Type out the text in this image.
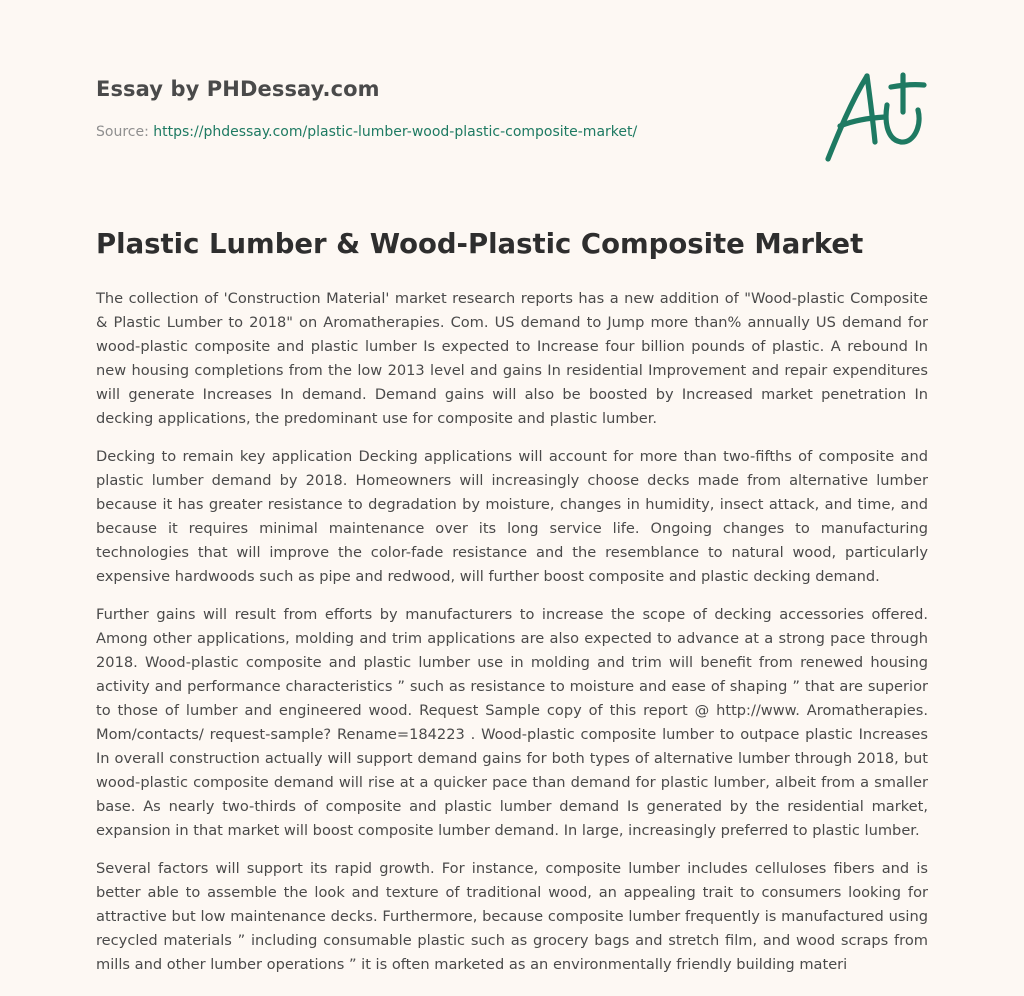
Essay by PHDessay.com

Source: https://phdessay.com/plastic-lumber-wood-plastic-composite-market/

Plastic Lumber & Wood-Plastic Composite Market

The collection of 'Construction Material' market research reports has a new addition of "Wood-plastic Composite & Plastic Lumber to 2018" on Aromatherapies. Com. US demand to Jump more than% annually US demand for wood-plastic composite and plastic lumber Is expected to Increase four billion pounds of plastic. A rebound In new housing completions from the low 2013 level and gains In residential Improvement and repair expenditures will generate Increases In demand. Demand gains will also be boosted by Increased market penetration In decking applications, the predominant use for composite and plastic lumber.

Decking to remain key application Decking applications will account for more than two-fifths of composite and plastic lumber demand by 2018. Homeowners will increasingly choose decks made from alternative lumber because it has greater resistance to degradation by moisture, changes in humidity, insect attack, and time, and because it requires minimal maintenance over its long service life. Ongoing changes to manufacturing technologies that will improve the color-fade resistance and the resemblance to natural wood, particularly expensive hardwoods such as pipe and redwood, will further boost composite and plastic decking demand.

Further gains will result from efforts by manufacturers to increase the scope of decking accessories offered. Among other applications, molding and trim applications are also expected to advance at a strong pace through 2018. Wood-plastic composite and plastic lumber use in molding and trim will benefit from renewed housing activity and performance characteristics ” such as resistance to moisture and ease of shaping ” that are superior to those of lumber and engineered wood. Request Sample copy of this report @ http://www. Aromatherapies. Mom/contacts/ request-sample? Rename=184223 . Wood-plastic composite lumber to outpace plastic Increases In overall construction actually will support demand gains for both types of alternative lumber through 2018, but wood-plastic composite demand will rise at a quicker pace than demand for plastic lumber, albeit from a smaller base. As nearly two-thirds of composite and plastic lumber demand Is generated by the residential market, expansion in that market will boost composite lumber demand. In large, increasingly preferred to plastic lumber.

Several factors will support its rapid growth. For instance, composite lumber includes celluloses fibers and is better able to assemble the look and texture of traditional wood, an appealing trait to consumers looking for attractive but low maintenance decks. Furthermore, because composite lumber frequently is manufactured using recycled materials ” including consumable plastic such as grocery bags and stretch film, and wood scraps from mills and other lumber operations ” it is often marketed as an environmentally friendly building materi
